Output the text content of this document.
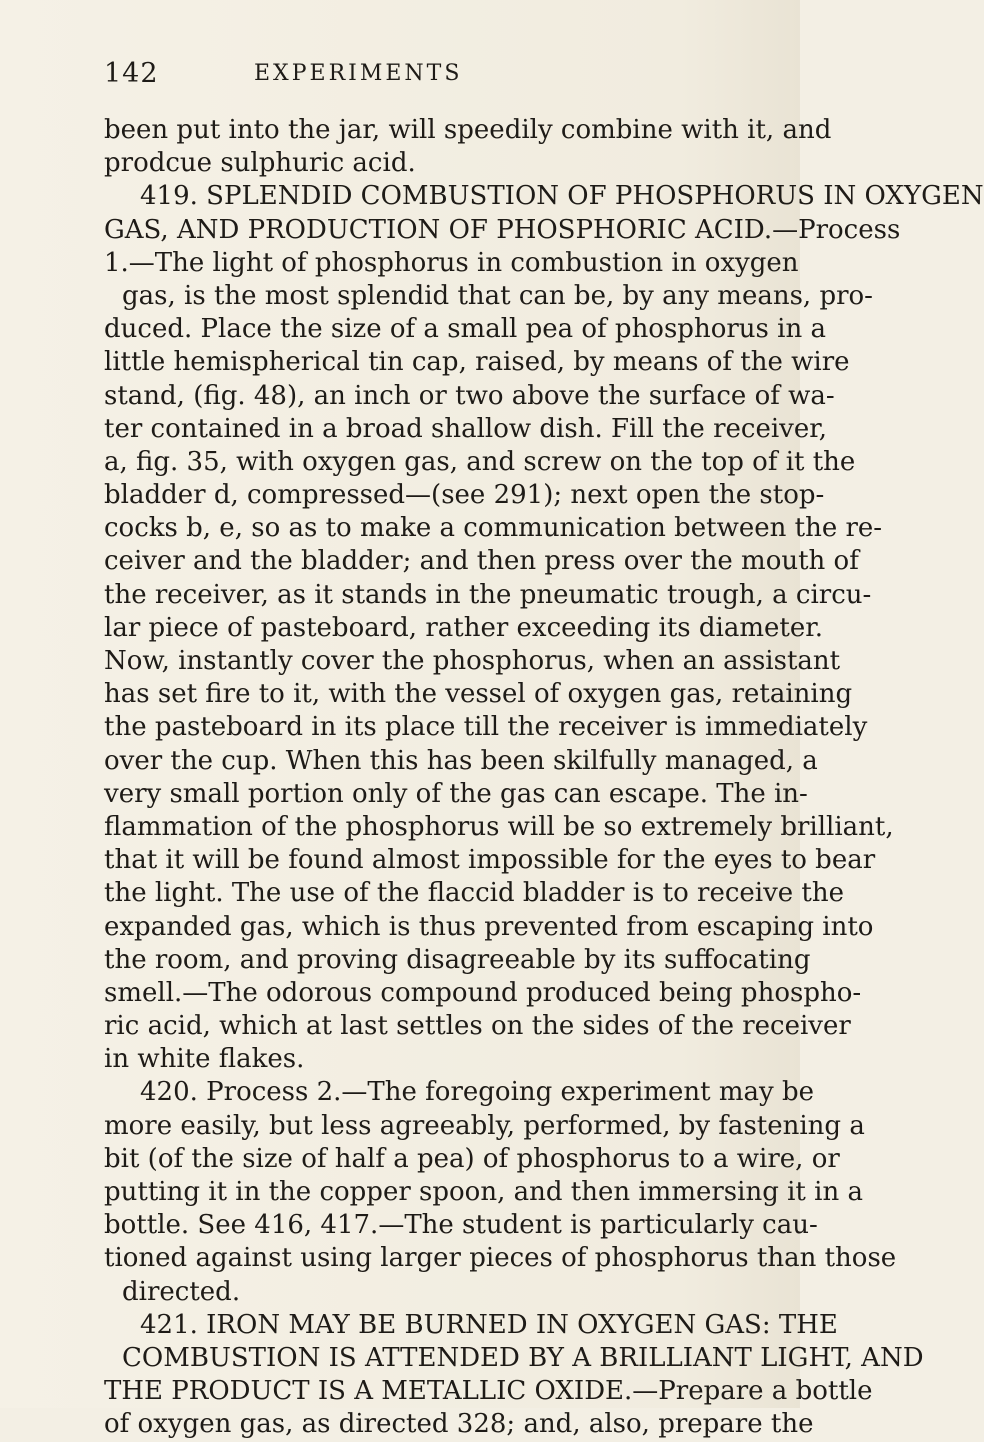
142	EXPERIMENTS
been put into the jar, will speedily combine with it, and
prodcue sulphuric acid.
419. SPLENDID COMBUSTION OF PHOSPHORUS IN OXYGEN
GAS, AND PRODUCTION OF PHOSPHORIC ACID.—Process
1.—The light of phosphorus in combustion in oxygen
gas, is the most splendid that can be, by any means, pro-
duced. Place the size of a small pea of phosphorus in a
little hemispherical tin cap, raised, by means of the wire
stand, (fig. 48), an inch or two above the surface of wa-
ter contained in a broad shallow dish. Fill the receiver,
a, fig. 35, with oxygen gas, and screw on the top of it the
bladder d, compressed—(see 291); next open the stop-
cocks b, e, so as to make a communication between the re-
ceiver and the bladder; and then press over the mouth of
the receiver, as it stands in the pneumatic trough, a circu-
lar piece of pasteboard, rather exceeding its diameter.
Now, instantly cover the phosphorus, when an assistant
has set fire to it, with the vessel of oxygen gas, retaining
the pasteboard in its place till the receiver is immediately
over the cup. When this has been skilfully managed, a
very small portion only of the gas can escape. The in-
flammation of the phosphorus will be so extremely brilliant,
that it will be found almost impossible for the eyes to bear
the light. The use of the flaccid bladder is to receive the
expanded gas, which is thus prevented from escaping into
the room, and proving disagreeable by its suffocating
smell.—The odorous compound produced being phospho-
ric acid, which at last settles on the sides of the receiver
in white flakes.
420. Process 2.—The foregoing experiment may be
more easily, but less agreeably, performed, by fastening a
bit (of the size of half a pea) of phosphorus to a wire, or
putting it in the copper spoon, and then immersing it in a
bottle. See 416, 417.—The student is particularly cau-
tioned against using larger pieces of phosphorus than those
directed.
421. IRON MAY BE BURNED IN OXYGEN GAS: THE
COMBUSTION IS ATTENDED BY A BRILLIANT LIGHT, AND
THE PRODUCT IS A METALLIC OXIDE.—Prepare a bottle
of oxygen gas, as directed 328; and, also, prepare the
